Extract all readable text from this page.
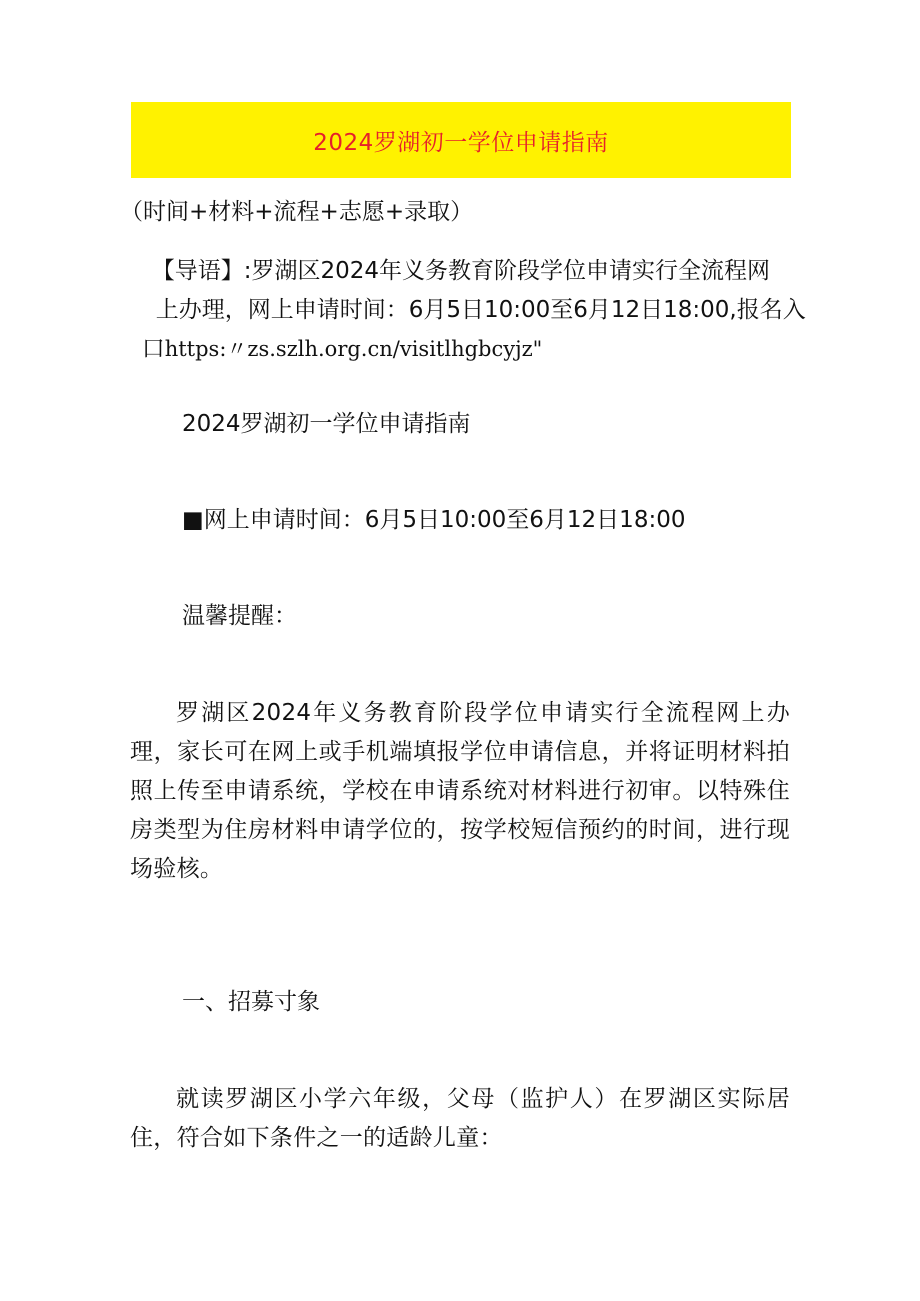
2024罗湖初一学位申请指南
（时间+材料+流程+志愿+录取）
【导语】:罗湖区2024年义务教育阶段学位申请实行全流程网
上办理，网上申请时间：6月5日10:00至6月12日18:00,报名入
口https:〃zs.szlh.org.cn/visitlhgbcyjz"
2024罗湖初一学位申请指南
■网上申请时间：6月5日10:00至6月12日18:00
温馨提醒：
罗湖区2024年义务教育阶段学位申请实行全流程网上办理，家长可在网上或手机端填报学位申请信息，并将证明材料拍照上传至申请系统，学校在申请系统对材料进行初审。以特殊住房类型为住房材料申请学位的，按学校短信预约的时间，进行现场验核。
一、招募寸象
就读罗湖区小学六年级，父母（监护人）在罗湖区实际居住，符合如下条件之一的适龄儿童：
